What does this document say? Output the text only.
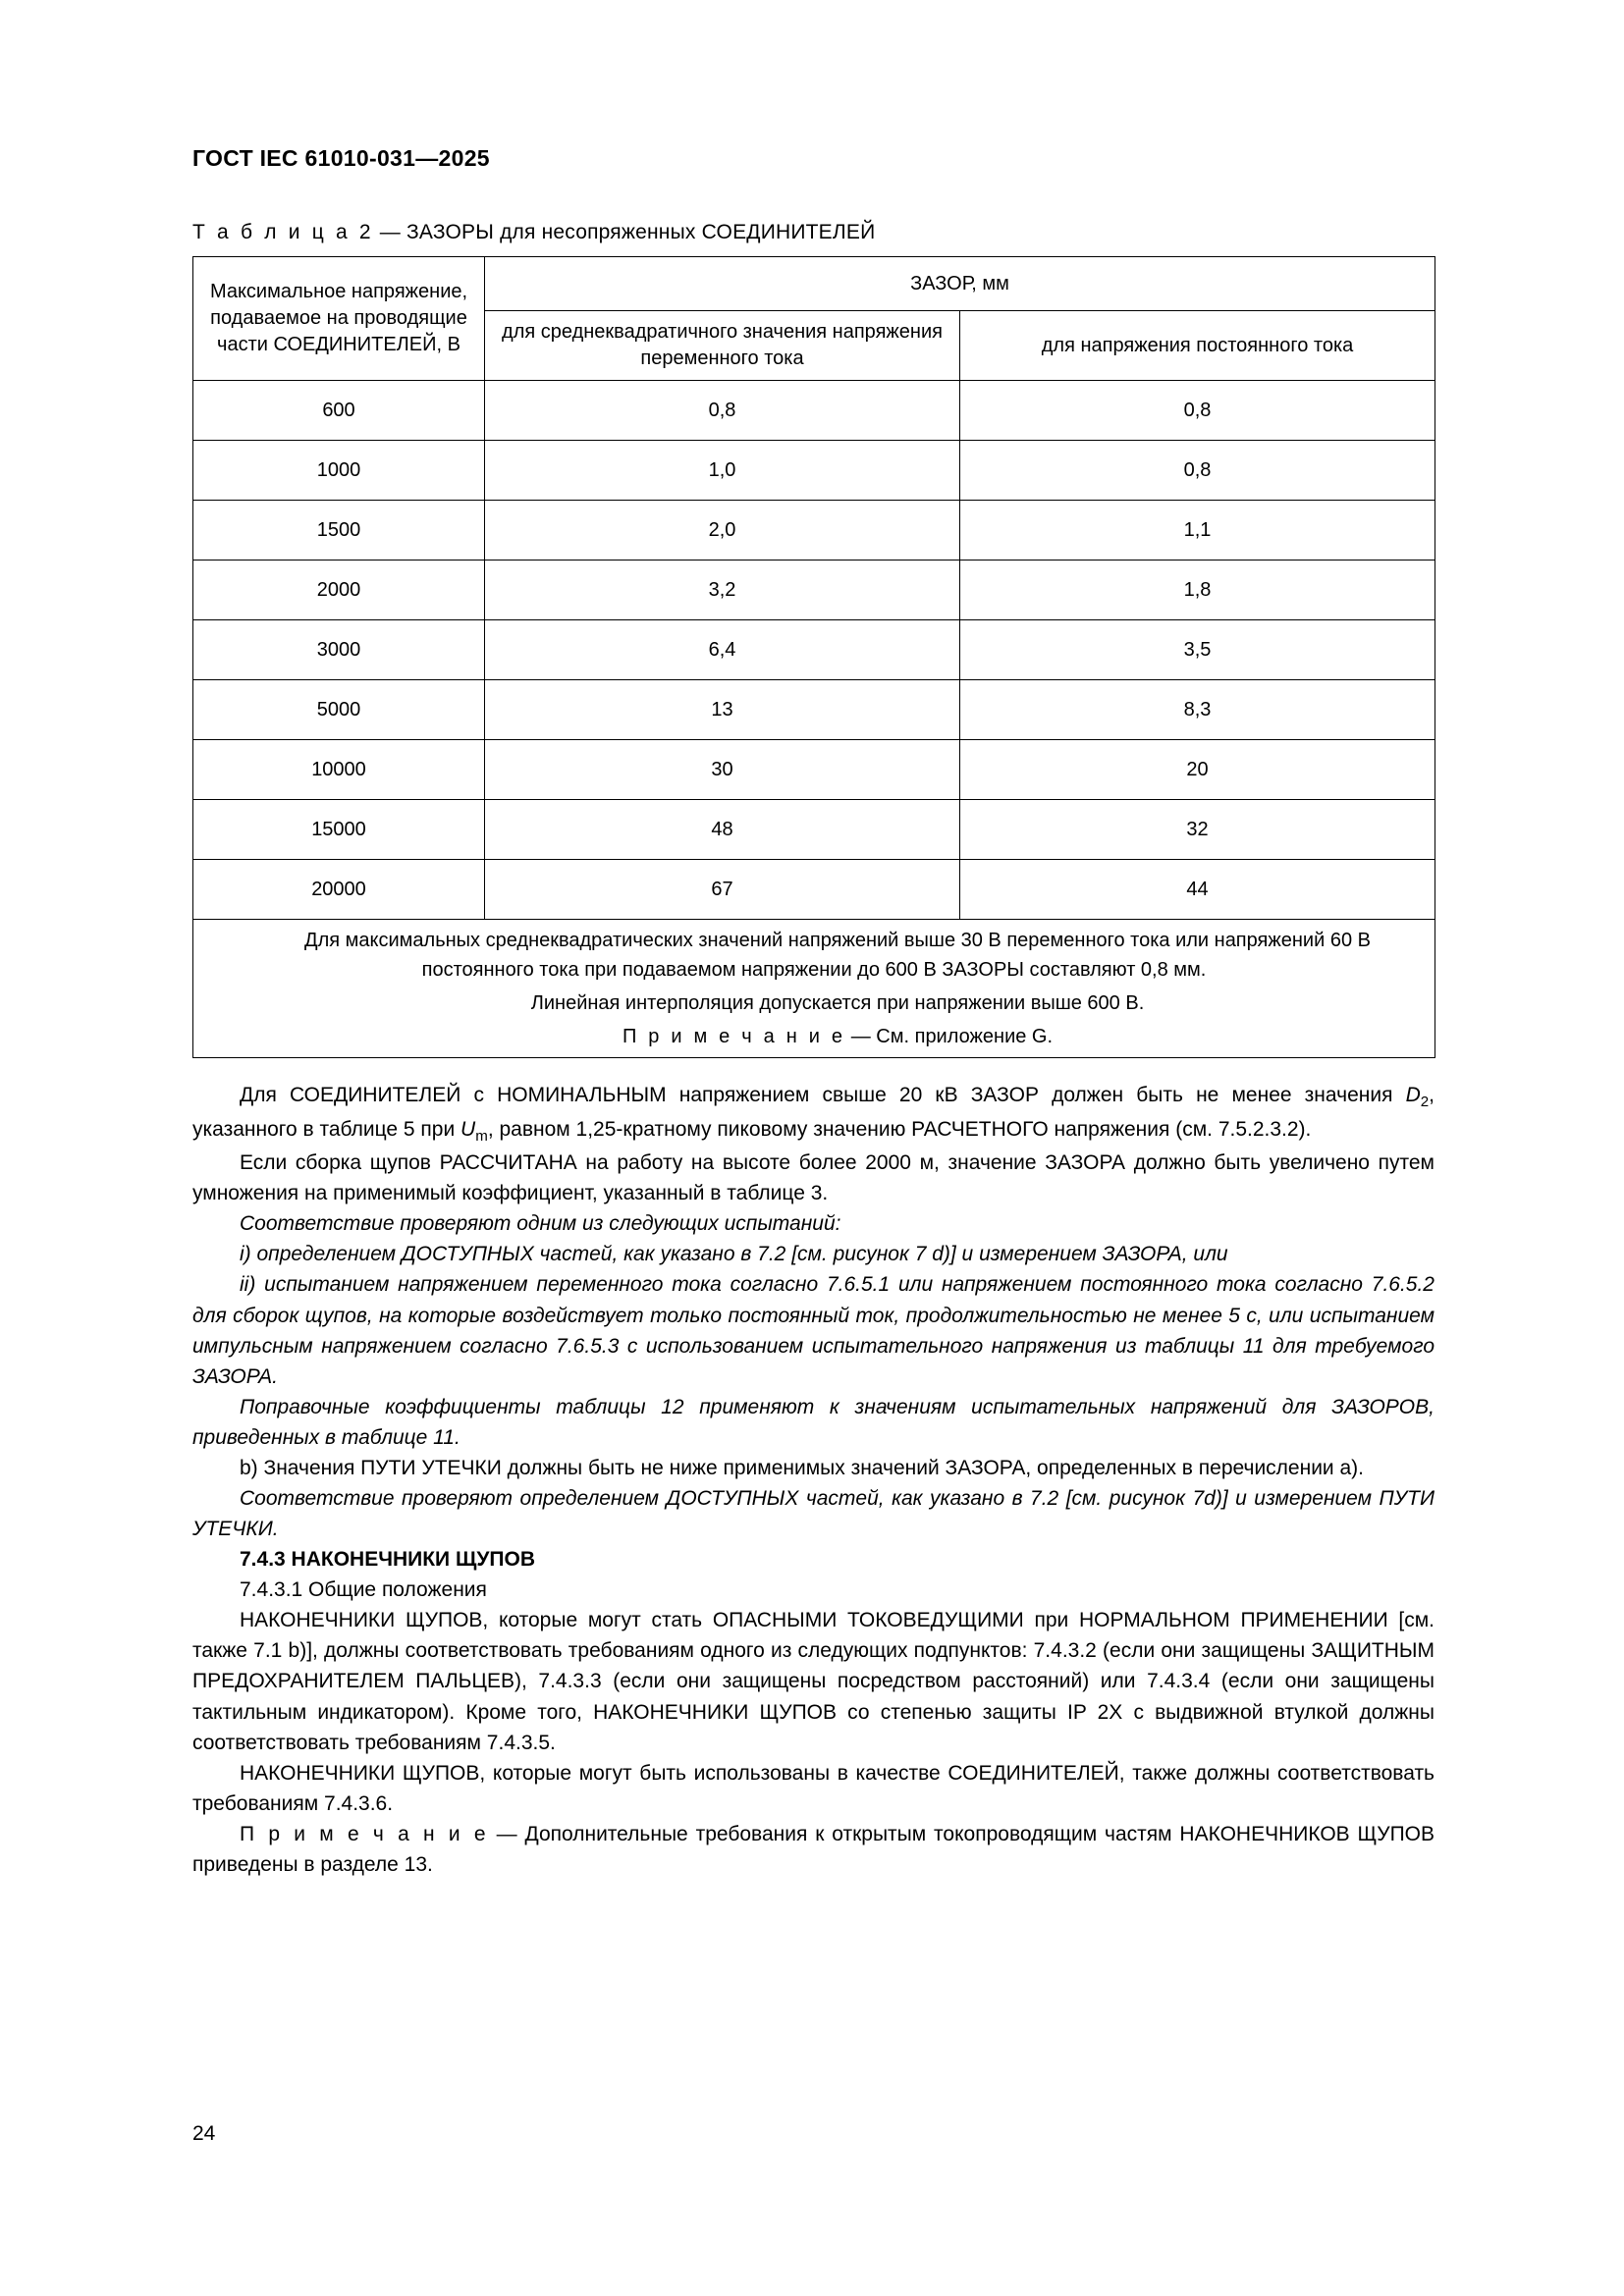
ГОСТ IEC 61010-031—2025
Т а б л и ц а 2 — ЗАЗОРЫ для несопряженных СОЕДИНИТЕЛЕЙ
Максимальное напряжение, подаваемое на проводящие части СОЕДИНИТЕЛЕЙ, В	ЗАЗОР, мм	
	для среднеквадратичного значения напряжения переменного тока	для напряжения постоянного тока
600	0,8	0,8
1000	1,0	0,8
1500	2,0	1,1
2000	3,2	1,8
3000	6,4	3,5
5000	13	8,3
10000	30	20
15000	48	32
20000	67	44

Для максимальных среднеквадратических значений напряжений выше 30 В переменного тока или напряжений 60 В постоянного тока при подаваемом напряжении до 600 В ЗАЗОРЫ составляют 0,8 мм.

Линейная интерполяция допускается при напряжении выше 600 В.

П р и м е ч а н и е — См. приложение G.		

Для СОЕДИНИТЕЛЕЙ с НОМИНАЛЬНЫМ напряжением свыше 20 кВ ЗАЗОР должен быть не менее значения $D_2$, указанного в таблице 5 при $U_m$, равном 1,25-кратному пиковому значению РАСЧЕТНОГО напряжения (см. 7.5.2.3.2).

Если сборка щупов РАССЧИТАНА на работу на высоте более 2000 м, значение ЗАЗОРА должно быть увеличено путем умножения на применимый коэффициент, указанный в таблице 3.

Соответствие проверяют одним из следующих испытаний:

i) определением ДОСТУПНЫХ частей, как указано в 7.2 [см. рисунок 7 d)] и измерением ЗАЗОРА, или

ii) испытанием напряжением переменного тока согласно 7.6.5.1 или напряжением постоянного тока согласно 7.6.5.2 для сборок щупов, на которые воздействует только постоянный ток, продолжительностью не менее 5 с, или испытанием импульсным напряжением согласно 7.6.5.3 с использованием испытательного напряжения из таблицы 11 для требуемого ЗАЗОРА.

Поправочные коэффициенты таблицы 12 применяют к значениям испытательных напряжений для ЗАЗОРОВ, приведенных в таблице 11.

b) Значения ПУТИ УТЕЧКИ должны быть не ниже применимых значений ЗАЗОРА, определенных в перечислении a).

Соответствие проверяют определением ДОСТУПНЫХ частей, как указано в 7.2 [см. рисунок 7d)] и измерением ПУТИ УТЕЧКИ.

7.4.3 НАКОНЕЧНИКИ ЩУПОВ

7.4.3.1 Общие положения

НАКОНЕЧНИКИ ЩУПОВ, которые могут стать ОПАСНЫМИ ТОКОВЕДУЩИМИ при НОРМАЛЬНОМ ПРИМЕНЕНИИ [см. также 7.1 b)], должны соответствовать требованиям одного из следующих подпунктов: 7.4.3.2 (если они защищены ЗАЩИТНЫМ ПРЕДОХРАНИТЕЛЕМ ПАЛЬЦЕВ), 7.4.3.3 (если они защищены посредством расстояний) или 7.4.3.4 (если они защищены тактильным индикатором). Кроме того, НАКОНЕЧНИКИ ЩУПОВ со степенью защиты IP 2X с выдвижной втулкой должны соответствовать требованиям 7.4.3.5.

НАКОНЕЧНИКИ ЩУПОВ, которые могут быть использованы в качестве СОЕДИНИТЕЛЕЙ, также должны соответствовать требованиям 7.4.3.6.

П р и м е ч а н и е — Дополнительные требования к открытым токопроводящим частям НАКОНЕЧНИКОВ ЩУПОВ приведены в разделе 13.

24
